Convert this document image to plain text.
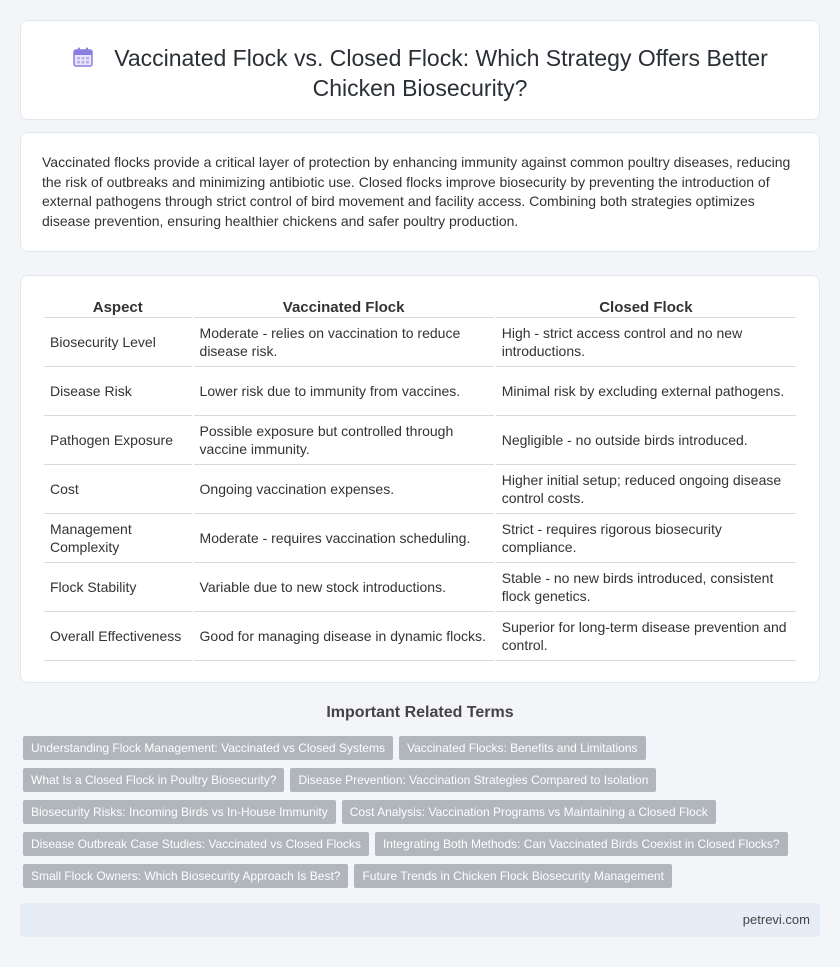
Vaccinated Flock vs. Closed Flock: Which Strategy Offers Better Chicken Biosecurity?

Vaccinated flocks provide a critical layer of protection by enhancing immunity against common poultry diseases, reducing the risk of outbreaks and minimizing antibiotic use. Closed flocks improve biosecurity by preventing the introduction of external pathogens through strict control of bird movement and facility access. Combining both strategies optimizes disease prevention, ensuring healthier chickens and safer poultry production.

Aspect	Vaccinated Flock	Closed Flock
Biosecurity Level	Moderate - relies on vaccination to reduce disease risk.	High - strict access control and no new introductions.
Disease Risk	Lower risk due to immunity from vaccines.	Minimal risk by excluding external pathogens.
Pathogen Exposure	Possible exposure but controlled through vaccine immunity.	Negligible - no outside birds introduced.
Cost	Ongoing vaccination expenses.	Higher initial setup; reduced ongoing disease control costs.
Management Complexity	Moderate - requires vaccination scheduling.	Strict - requires rigorous biosecurity compliance.
Flock Stability	Variable due to new stock introductions.	Stable - no new birds introduced, consistent flock genetics.
Overall Effectiveness	Good for managing disease in dynamic flocks.	Superior for long-term disease prevention and control.
Important Related Terms
Understanding Flock Management: Vaccinated vs Closed Systems	Vaccinated Flocks: Benefits and Limitations
What Is a Closed Flock in Poultry Biosecurity?	Disease Prevention: Vaccination Strategies Compared to Isolation
Biosecurity Risks: Incoming Birds vs In-House Immunity	Cost Analysis: Vaccination Programs vs Maintaining a Closed Flock
Disease Outbreak Case Studies: Vaccinated vs Closed Flocks	Integrating Both Methods: Can Vaccinated Birds Coexist in Closed Flocks?
Small Flock Owners: Which Biosecurity Approach Is Best?	Future Trends in Chicken Flock Biosecurity Management
petrevi.com
